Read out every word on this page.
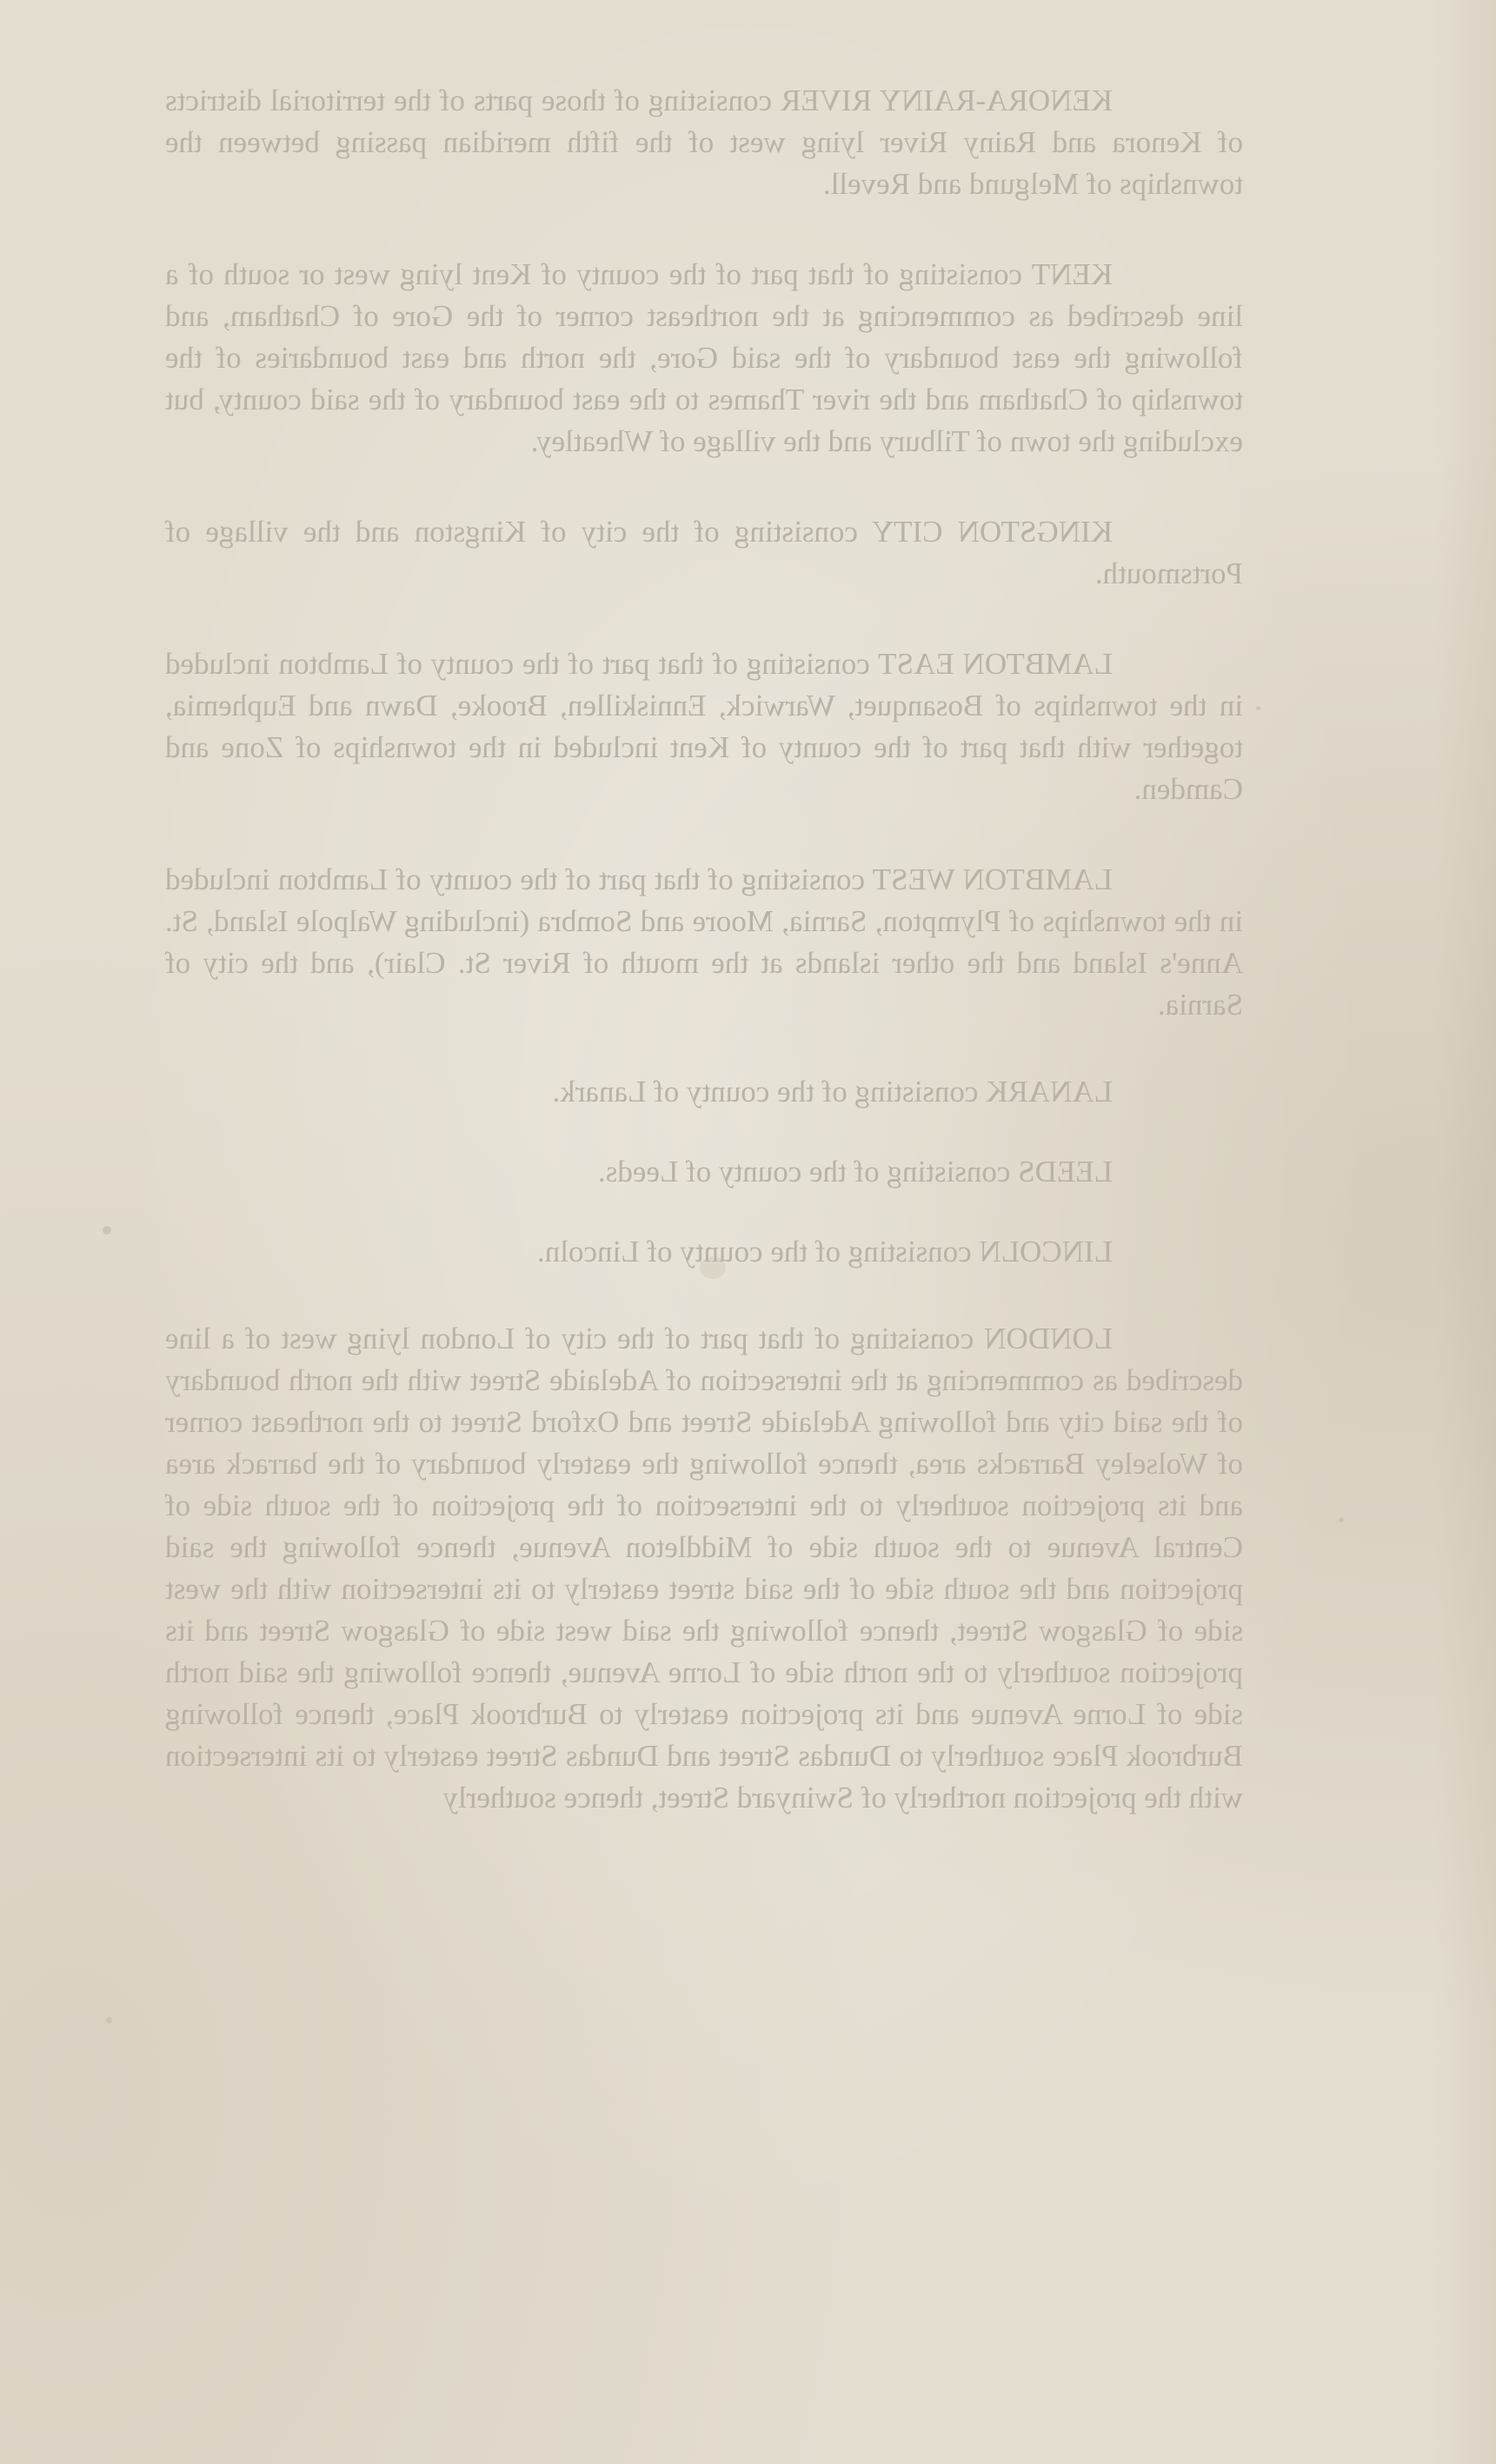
KENORA-RAINY RIVER consisting of those parts of the territorial districts of Kenora and Rainy River lying west of the fifth meridian passing between the townships of Melgund and Revell.

KENT consisting of that part of the county of Kent lying west or south of a line described as commencing at the northeast corner of the Gore of Chatham, and following the east boundary of the said Gore, the north and east boundaries of the township of Chatham and the river Thames to the east boundary of the said county, but excluding the town of Tilbury and the village of Wheatley.

KINGSTON CITY consisting of the city of Kingston and the village of Portsmouth.

LAMBTON EAST consisting of that part of the county of Lambton included in the townships of Bosanquet, Warwick, Enniskillen, Brooke, Dawn and Euphemia, together with that part of the county of Kent included in the townships of Zone and Camden.

LAMBTON WEST consisting of that part of the county of Lambton included in the townships of Plympton, Sarnia, Moore and Sombra (including Walpole Island, St. Anne's Island and the other islands at the mouth of River St. Clair), and the city of Sarnia.

LANARK consisting of the county of Lanark.

LEEDS consisting of the county of Leeds.

LINCOLN consisting of the county of Lincoln.

LONDON consisting of that part of the city of London lying west of a line described as commencing at the intersection of Adelaide Street with the north boundary of the said city and following Adelaide Street and Oxford Street to the northeast corner of Wolseley Barracks area, thence following the easterly boundary of the barrack area and its projection southerly to the intersection of the projection of the south side of Central Avenue to the south side of Middleton Avenue, thence following the said projection and the south side of the said street easterly to its intersection with the west side of Glasgow Street, thence following the said west side of Glasgow Street and its projection southerly to the north side of Lorne Avenue, thence following the said north side of Lorne Avenue and its projection easterly to Burbrook Place, thence following Burbrook Place southerly to Dundas Street and Dundas Street easterly to its intersection with the projection northerly of Swinyard Street, thence southerly
